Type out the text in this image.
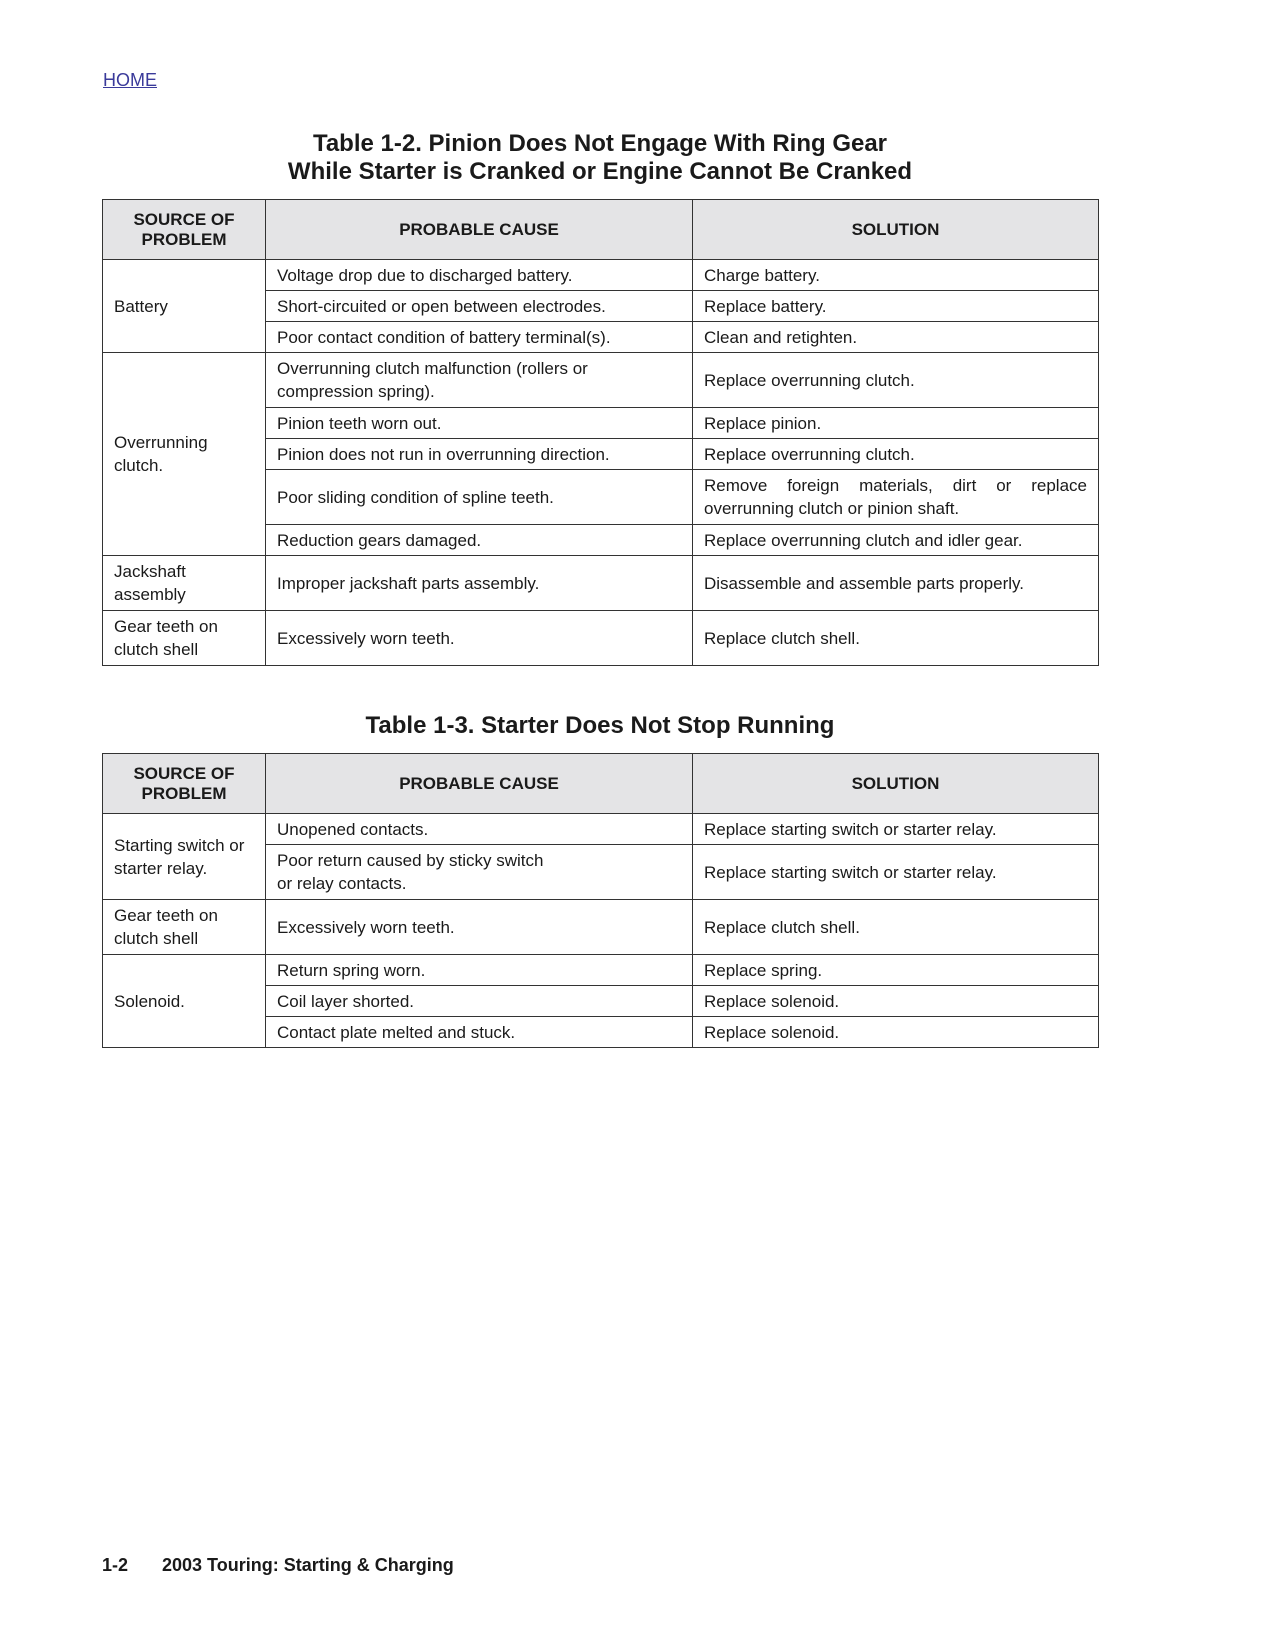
HOME
Table 1-2. Pinion Does Not Engage With Ring Gear
While Starter is Cranked or Engine Cannot Be Cranked
SOURCE OF
PROBLEM	PROBABLE CAUSE	SOLUTION
Battery	Voltage drop due to discharged battery.	Charge battery.
	Short-circuited or open between electrodes.	Replace battery.
	Poor contact condition of battery terminal(s).	Clean and retighten.
Overrunning clutch.	Overrunning clutch malfunction (rollers or compression spring).	Replace overrunning clutch.
	Pinion teeth worn out.	Replace pinion.
	Pinion does not run in overrunning direction.	Replace overrunning clutch.
	Poor sliding condition of spline teeth.	Remove foreign materials, dirt or replace overrunning clutch or pinion shaft.
	Reduction gears damaged.	Replace overrunning clutch and idler gear.
Jackshaft assembly	Improper jackshaft parts assembly.	Disassemble and assemble parts properly.
Gear teeth on clutch shell	Excessively worn teeth.	Replace clutch shell.
Table 1-3. Starter Does Not Stop Running
SOURCE OF
PROBLEM	PROBABLE CAUSE	SOLUTION
Starting switch or starter relay.	Unopened contacts.	Replace starting switch or starter relay.
	Poor return caused by sticky switch or relay contacts.	Replace starting switch or starter relay.
Gear teeth on clutch shell	Excessively worn teeth.	Replace clutch shell.
Solenoid.	Return spring worn.	Replace spring.
	Coil layer shorted.	Replace solenoid.
	Contact plate melted and stuck.	Replace solenoid.
1-2 2003 Touring: Starting & Charging
